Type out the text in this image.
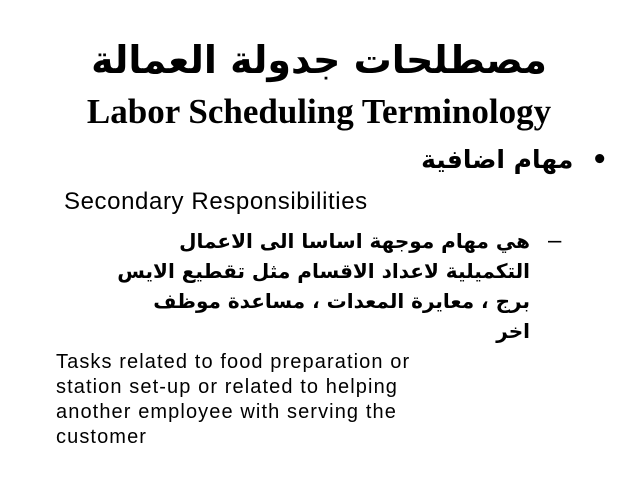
مصطلحات جدولة العمالة
Labor Scheduling Terminology
•مهام اضافية
Secondary Responsibilities
–
هي مهام موجهة اساسا الى الاعمال
التكميلية لاعداد الاقسام مثل تقطيع الايس
برج ، معايرة المعدات ، مساعدة موظف
اخر
Tasks related to food preparation or
station set-up or related to helping
another employee with serving the
customer
